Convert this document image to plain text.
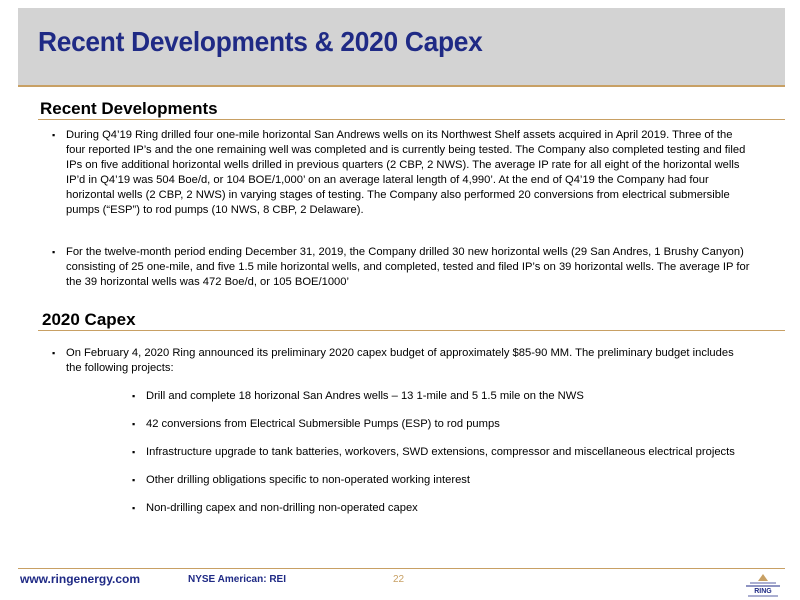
Recent Developments & 2020 Capex
Recent Developments
▪ During Q4’19 Ring drilled four one-mile horizontal San Andrews wells on its Northwest Shelf assets acquired in April 2019. Three of the four reported IP’s and the one remaining well was completed and is currently being tested. The Company also completed testing and filed IPs on five additional horizontal wells drilled in previous quarters (2 CBP, 2 NWS). The average IP rate for all eight of the horizontal wells IP’d in Q4’19 was 504 Boe/d, or 104 BOE/1,000’ on an average lateral length of 4,990’. At the end of Q4’19 the Company had four horizontal wells (2 CBP, 2 NWS) in varying stages of testing. The Company also performed 20 conversions from electrical submersible pumps (“ESP”) to rod pumps (10 NWS, 8 CBP, 2 Delaware).
▪ For the twelve-month period ending December 31, 2019, the Company drilled 30 new horizontal wells (29 San Andres, 1 Brushy Canyon) consisting of 25 one-mile, and five 1.5 mile horizontal wells, and completed, tested and filed IP’s on 39 horizontal wells. The average IP for the 39 horizontal wells was 472 Boe/d, or 105 BOE/1000’
2020 Capex
▪ On February 4, 2020 Ring announced its preliminary 2020 capex budget of approximately $85-90 MM. The preliminary budget includes the following projects:
▪ Drill and complete 18 horizonal San Andres wells – 13 1-mile and 5 1.5 mile on the NWS
▪ 42 conversions from Electrical Submersible Pumps (ESP) to rod pumps
▪ Infrastructure upgrade to tank batteries, workovers, SWD extensions, compressor and miscellaneous electrical projects
▪ Other drilling obligations specific to non-operated working interest
▪ Non-drilling capex and non-drilling non-operated capex
www.ringenergy.com	NYSE American: REI	22
RING
